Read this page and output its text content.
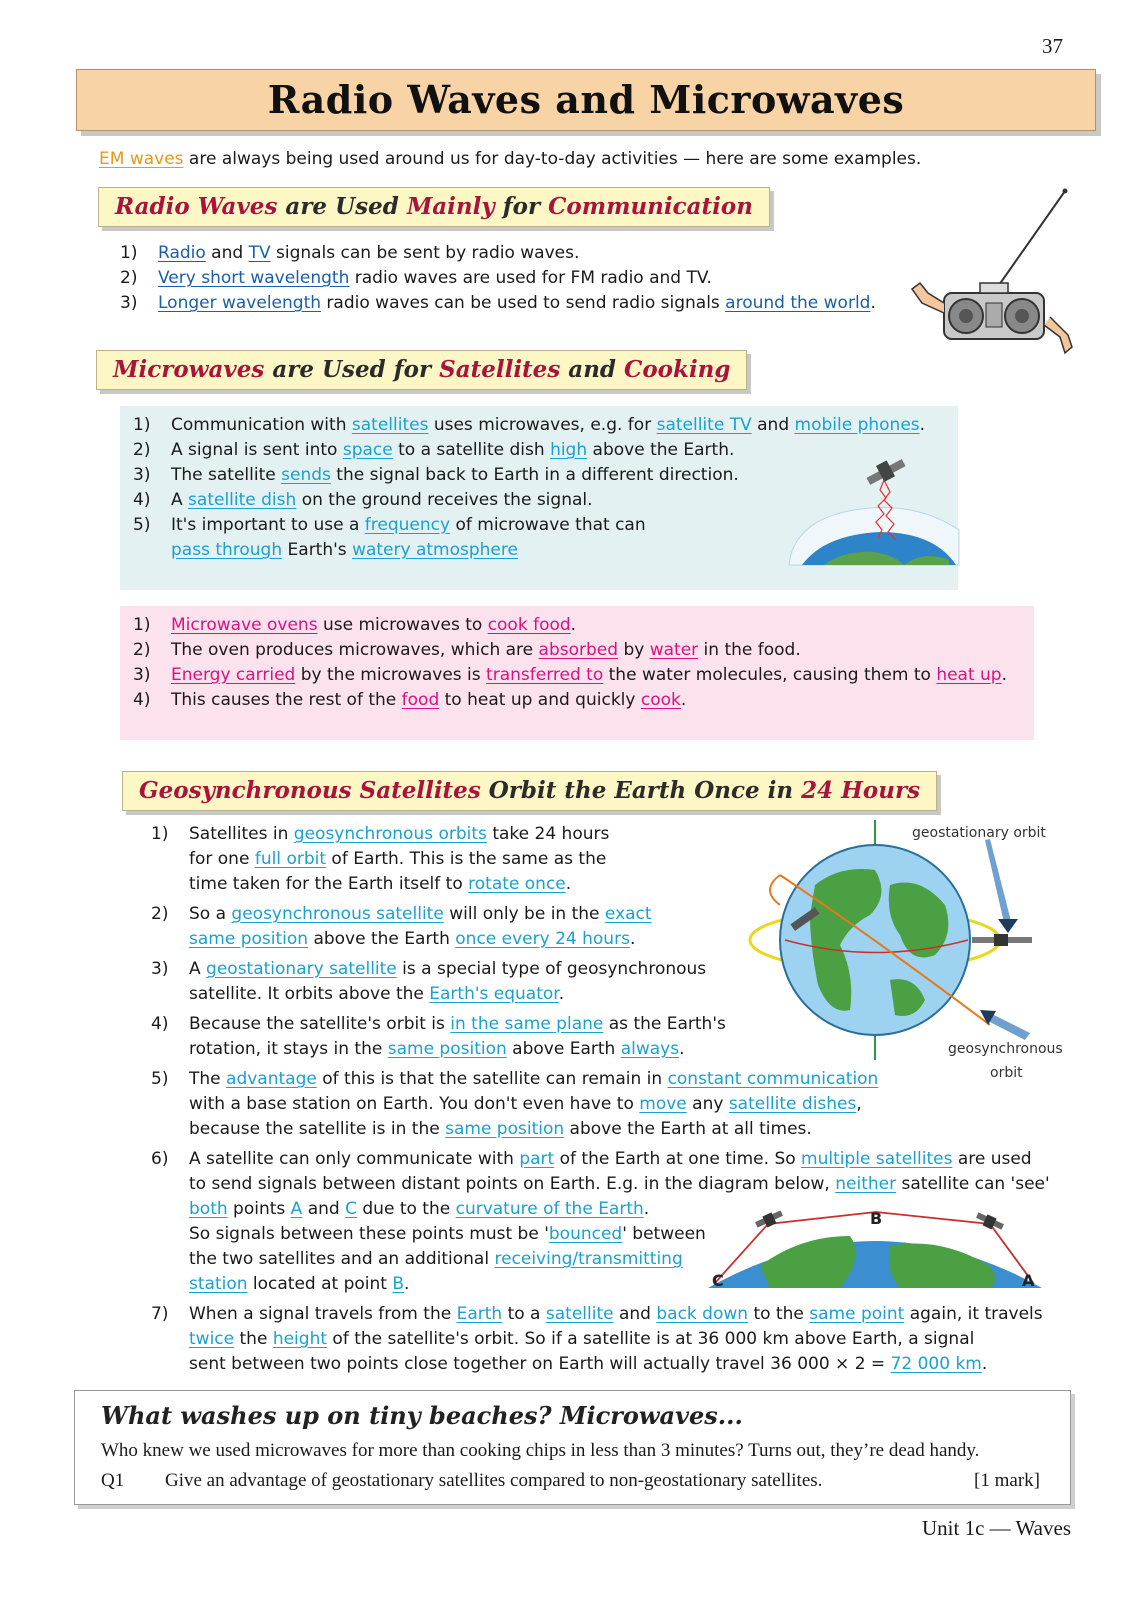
37
Radio Waves and Microwaves
EM waves are always being used around us for day-to-day activities — here are some examples.
Radio Waves are Used Mainly for Communication
1) Radio and TV signals can be sent by radio waves.
2) Very short wavelength radio waves are used for FM radio and TV.
3) Longer wavelength radio waves can be used to send radio signals around the world.
Microwaves are Used for Satellites and Cooking
1) Communication with satellites uses microwaves, e.g. for satellite TV and mobile phones.
2) A signal is sent into space to a satellite dish high above the Earth.
3) The satellite sends the signal back to Earth in a different direction.
4) A satellite dish on the ground receives the signal.
5) It's important to use a frequency of microwave that can
pass through Earth's watery atmosphere
1) Microwave ovens use microwaves to cook food.
2) The oven produces microwaves, which are absorbed by water in the food.
3) Energy carried by the microwaves is transferred to the water molecules, causing them to heat up.
4) This causes the rest of the food to heat up and quickly cook.
Geosynchronous Satellites Orbit the Earth Once in 24 Hours
1) Satellites in geosynchronous orbits take 24 hours
for one full orbit of Earth. This is the same as the
time taken for the Earth itself to rotate once.
2) So a geosynchronous satellite will only be in the exact
same position above the Earth once every 24 hours.
3) A geostationary satellite is a special type of geosynchronous
satellite. It orbits above the Earth's equator.
4) Because the satellite's orbit is in the same plane as the Earth's
rotation, it stays in the same position above Earth always.
5) The advantage of this is that the satellite can remain in constant communication
with a base station on Earth. You don't even have to move any satellite dishes,
because the satellite is in the same position above the Earth at all times.
6) A satellite can only communicate with part of the Earth at one time. So multiple satellites are used
to send signals between distant points on Earth. E.g. in the diagram below, neither satellite can 'see'
both points A and C due to the curvature of the Earth.
So signals between these points must be 'bounced' between
the two satellites and an additional receiving/transmitting
station located at point B.
7) When a signal travels from the Earth to a satellite and back down to the same point again, it travels
twice the height of the satellite's orbit. So if a satellite is at 36 000 km above Earth, a signal
sent between two points close together on Earth will actually travel 36 000 × 2 = 72 000 km.
geostationary orbit
geosynchronous
orbit
B
C	A
What washes up on tiny beaches? Microwaves...
Who knew we used microwaves for more than cooking chips in less than 3 minutes? Turns out, they’re dead handy.
Q1 Give an advantage of geostationary satellites compared to non-geostationary satellites.	[1 mark]
Unit 1c — Waves
